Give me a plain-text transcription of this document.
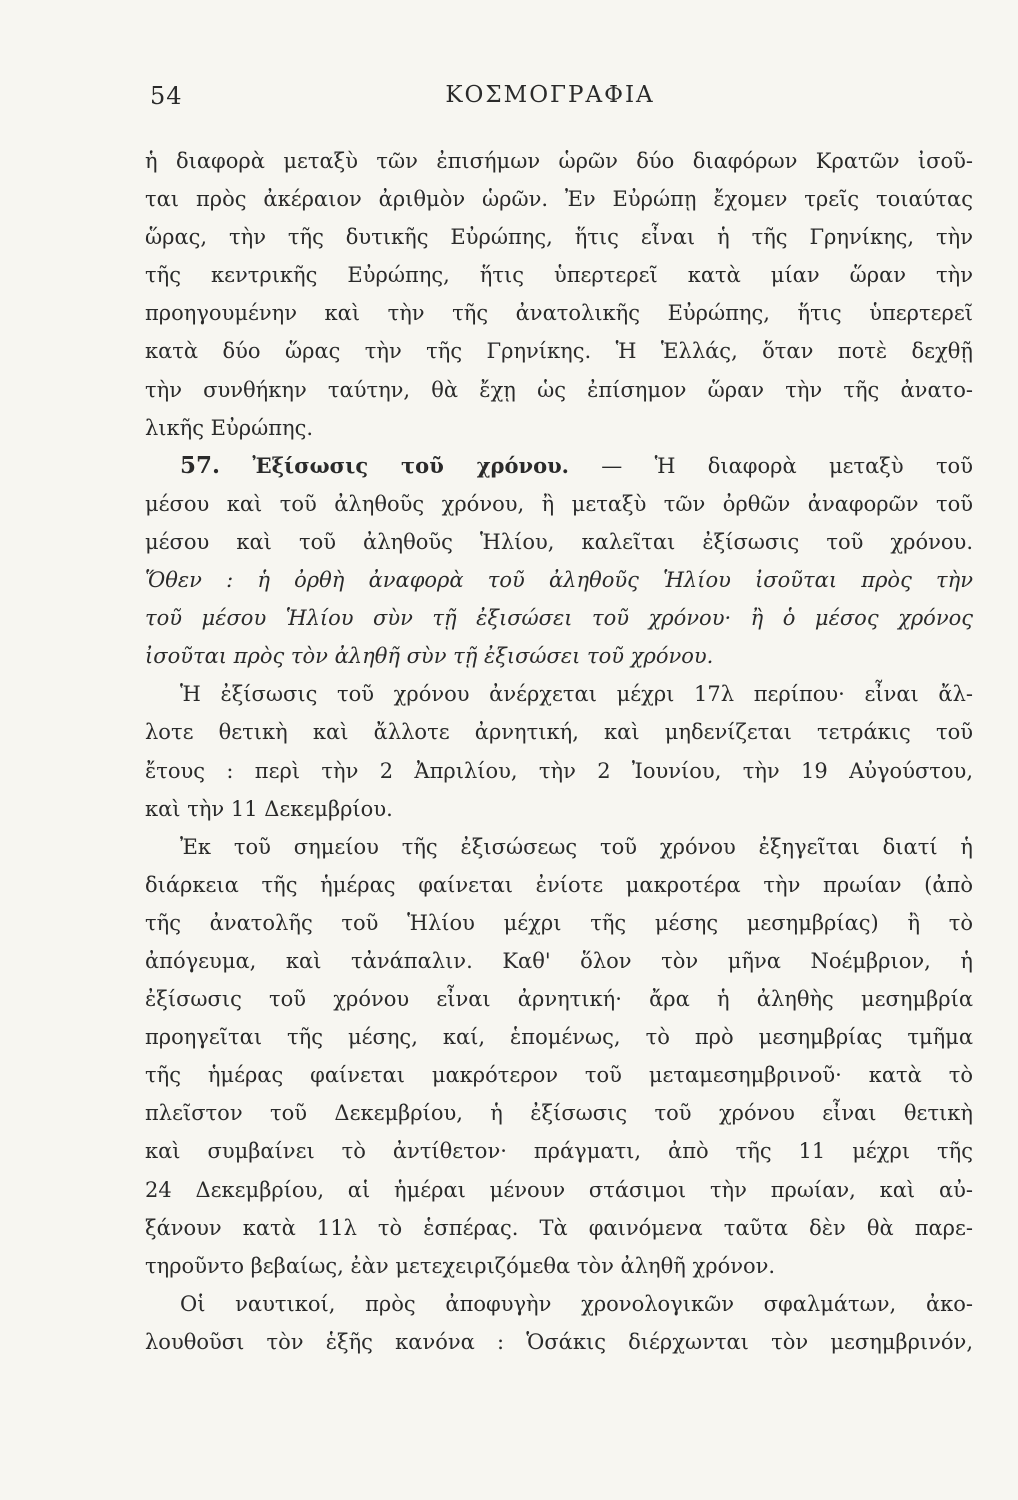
54	ΚΟΣΜΟΓΡΑΦΙΑ
ἡ διαφορὰ μεταξὺ τῶν ἐπισήμων ὡρῶν δύο διαφόρων Κρατῶν ἰσοῦ-
ται πρὸς ἀκέραιον ἀριθμὸν ὡρῶν. Ἐν Εὐρώπῃ ἔχομεν τρεῖς τοιαύτας
ὥρας, τὴν τῆς δυτικῆς Εὐρώπης, ἥτις εἶναι ἡ τῆς Γρηνίκης, τὴν
τῆς κεντρικῆς Εὐρώπης, ἥτις ὑπερτερεῖ κατὰ μίαν ὥραν τὴν
προηγουμένην καὶ τὴν τῆς ἀνατολικῆς Εὐρώπης, ἥτις ὑπερτερεῖ
κατὰ δύο ὥρας τὴν τῆς Γρηνίκης. Ἡ Ἑλλάς, ὅταν ποτὲ δεχθῇ
τὴν συνθήκην ταύτην, θὰ ἔχῃ ὡς ἐπίσημον ὥραν τὴν τῆς ἀνατο-
λικῆς Εὐρώπης.
57. Ἐξίσωσις τοῦ χρόνου. — Ἡ διαφορὰ μεταξὺ τοῦ
μέσου καὶ τοῦ ἀληθοῦς χρόνου, ἢ μεταξὺ τῶν ὀρθῶν ἀναφορῶν τοῦ
μέσου καὶ τοῦ ἀληθοῦς Ἡλίου, καλεῖται ἐξίσωσις τοῦ χρόνου.
Ὅθεν : ἡ ὀρθὴ ἀναφορὰ τοῦ ἀληθοῦς Ἡλίου ἰσοῦται πρὸς τὴν
τοῦ μέσου Ἡλίου σὺν τῇ ἐξισώσει τοῦ χρόνου· ἢ ὁ μέσος χρόνος
ἰσοῦται πρὸς τὸν ἀληθῆ σὺν τῇ ἐξισώσει τοῦ χρόνου.
Ἡ ἐξίσωσις τοῦ χρόνου ἀνέρχεται μέχρι 17λ περίπου· εἶναι ἄλ-
λοτε θετικὴ καὶ ἄλλοτε ἀρνητική, καὶ μηδενίζεται τετράκις τοῦ
ἔτους : περὶ τὴν 2 Ἀπριλίου, τὴν 2 Ἰουνίου, τὴν 19 Αὐγούστου,
καὶ τὴν 11 Δεκεμβρίου.
Ἐκ τοῦ σημείου τῆς ἐξισώσεως τοῦ χρόνου ἐξηγεῖται διατί ἡ
διάρκεια τῆς ἡμέρας φαίνεται ἐνίοτε μακροτέρα τὴν πρωίαν (ἀπὸ
τῆς ἀνατολῆς τοῦ Ἡλίου μέχρι τῆς μέσης μεσημβρίας) ἢ τὸ
ἀπόγευμα, καὶ τἀνάπαλιν. Καθ' ὅλον τὸν μῆνα Νοέμβριον, ἡ
ἐξίσωσις τοῦ χρόνου εἶναι ἀρνητική· ἄρα ἡ ἀληθὴς μεσημβρία
προηγεῖται τῆς μέσης, καί, ἑπομένως, τὸ πρὸ μεσημβρίας τμῆμα
τῆς ἡμέρας φαίνεται μακρότερον τοῦ μεταμεσημβρινοῦ· κατὰ τὸ
πλεῖστον τοῦ Δεκεμβρίου, ἡ ἐξίσωσις τοῦ χρόνου εἶναι θετικὴ
καὶ συμβαίνει τὸ ἀντίθετον· πράγματι, ἀπὸ τῆς 11 μέχρι τῆς
24 Δεκεμβρίου, αἱ ἡμέραι μένουν στάσιμοι τὴν πρωίαν, καὶ αὐ-
ξάνουν κατὰ 11λ τὸ ἑσπέρας. Τὰ φαινόμενα ταῦτα δὲν θὰ παρε-
τηροῦντο βεβαίως, ἐὰν μετεχειριζόμεθα τὸν ἀληθῆ χρόνον.
Οἱ ναυτικοί, πρὸς ἀποφυγὴν χρονολογικῶν σφαλμάτων, ἀκο-
λουθοῦσι τὸν ἑξῆς κανόνα : Ὁσάκις διέρχωνται τὸν μεσημβρινόν,
